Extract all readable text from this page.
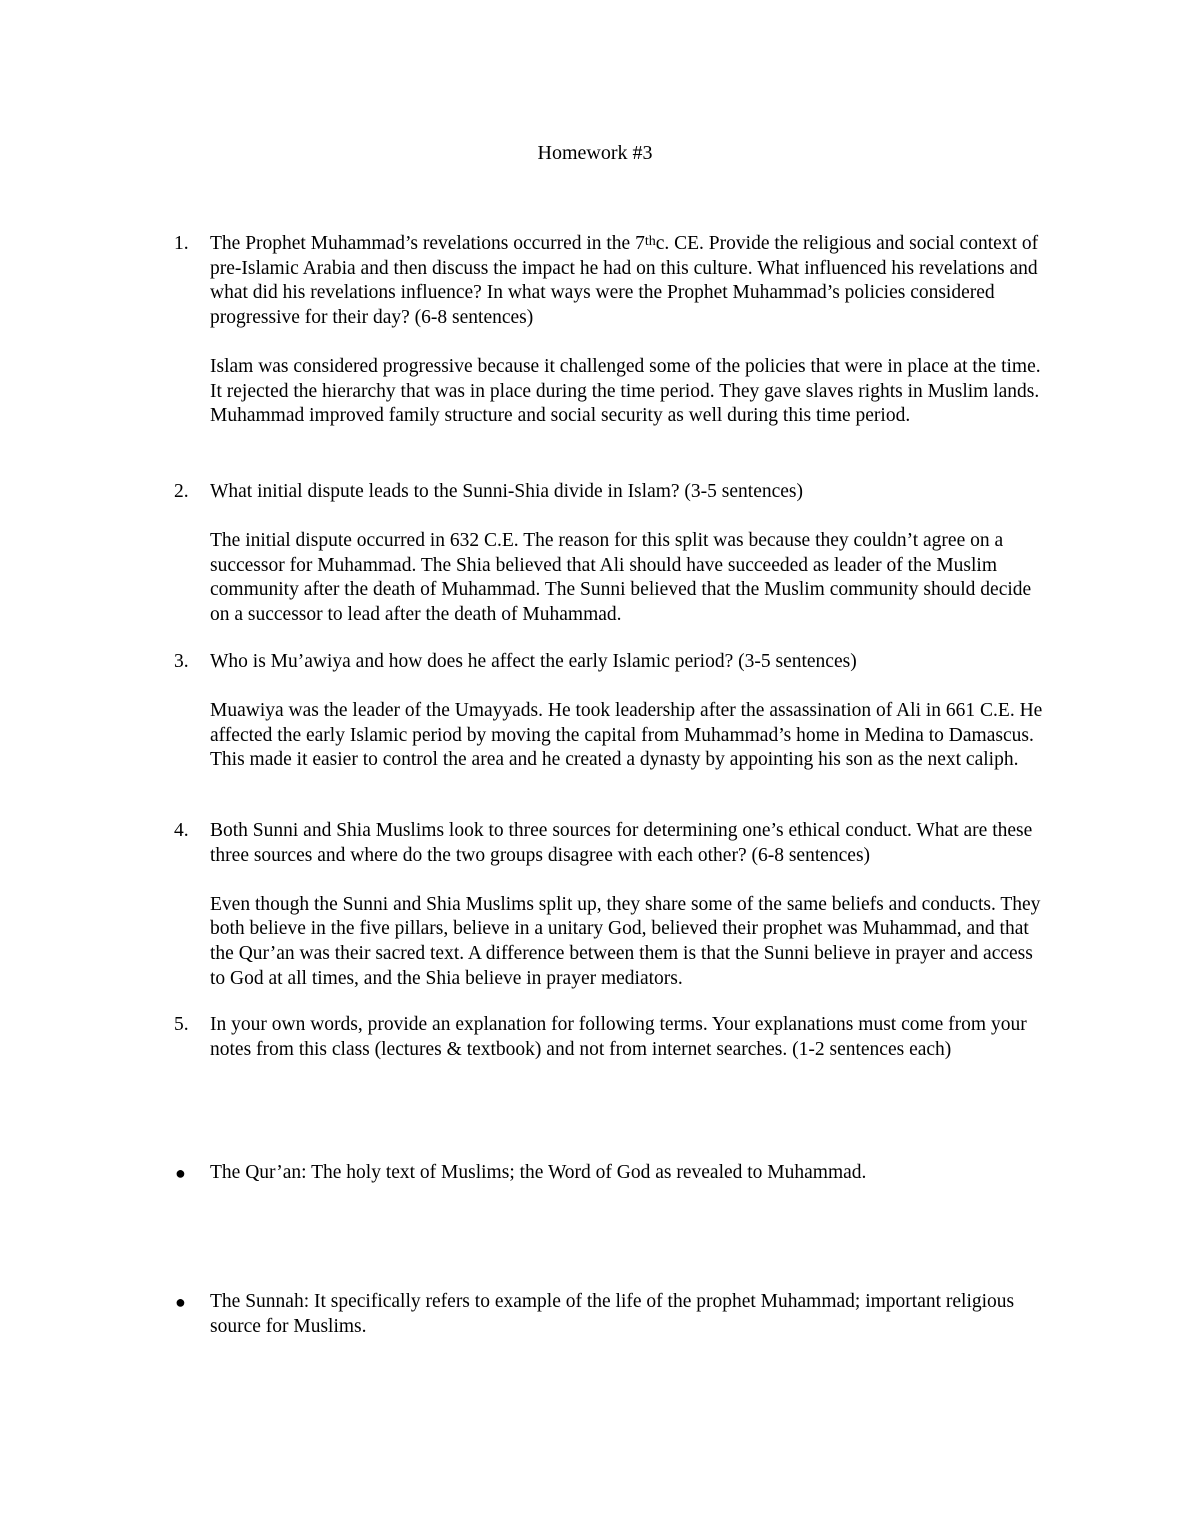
Homework #3
1.	The Prophet Muhammad’s revelations occurred in the 7thc. CE. Provide the religious and social context of pre-Islamic Arabia and then discuss the impact he had on this culture. What influenced his revelations and what did his revelations influence? In what ways were the Prophet Muhammad’s policies considered progressive for their day? (6-8 sentences)

Islam was considered progressive because it challenged some of the policies that were in place at the time. It rejected the hierarchy that was in place during the time period. They gave slaves rights in Muslim lands. Muhammad improved family structure and social security as well during this time period.

2.	What initial dispute leads to the Sunni-Shia divide in Islam? (3-5 sentences)

The initial dispute occurred in 632 C.E. The reason for this split was because they couldn’t agree on a successor for Muhammad. The Shia believed that Ali should have succeeded as leader of the Muslim community after the death of Muhammad. The Sunni believed that the Muslim community should decide on a successor to lead after the death of Muhammad.

3.	Who is Mu’awiya and how does he affect the early Islamic period? (3-5 sentences)

Muawiya was the leader of the Umayyads. He took leadership after the assassination of Ali in 661 C.E. He affected the early Islamic period by moving the capital from Muhammad’s home in Medina to Damascus. This made it easier to control the area and he created a dynasty by appointing his son as the next caliph.

4.	Both Sunni and Shia Muslims look to three sources for determining one’s ethical conduct. What are these three sources and where do the two groups disagree with each other? (6-8 sentences)

Even though the Sunni and Shia Muslims split up, they share some of the same beliefs and conducts. They both believe in the five pillars, believe in a unitary God, believed their prophet was Muhammad, and that the Qur’an was their sacred text. A difference between them is that the Sunni believe in prayer and access to God at all times, and the Shia believe in prayer mediators.

5.	In your own words, provide an explanation for following terms. Your explanations must come from your notes from this class (lectures & textbook) and not from internet searches. (1-2 sentences each)

●	The Qur’an: The holy text of Muslims; the Word of God as revealed to Muhammad.
●	The Sunnah: It specifically refers to example of the life of the prophet Muhammad; important religious source for Muslims.
